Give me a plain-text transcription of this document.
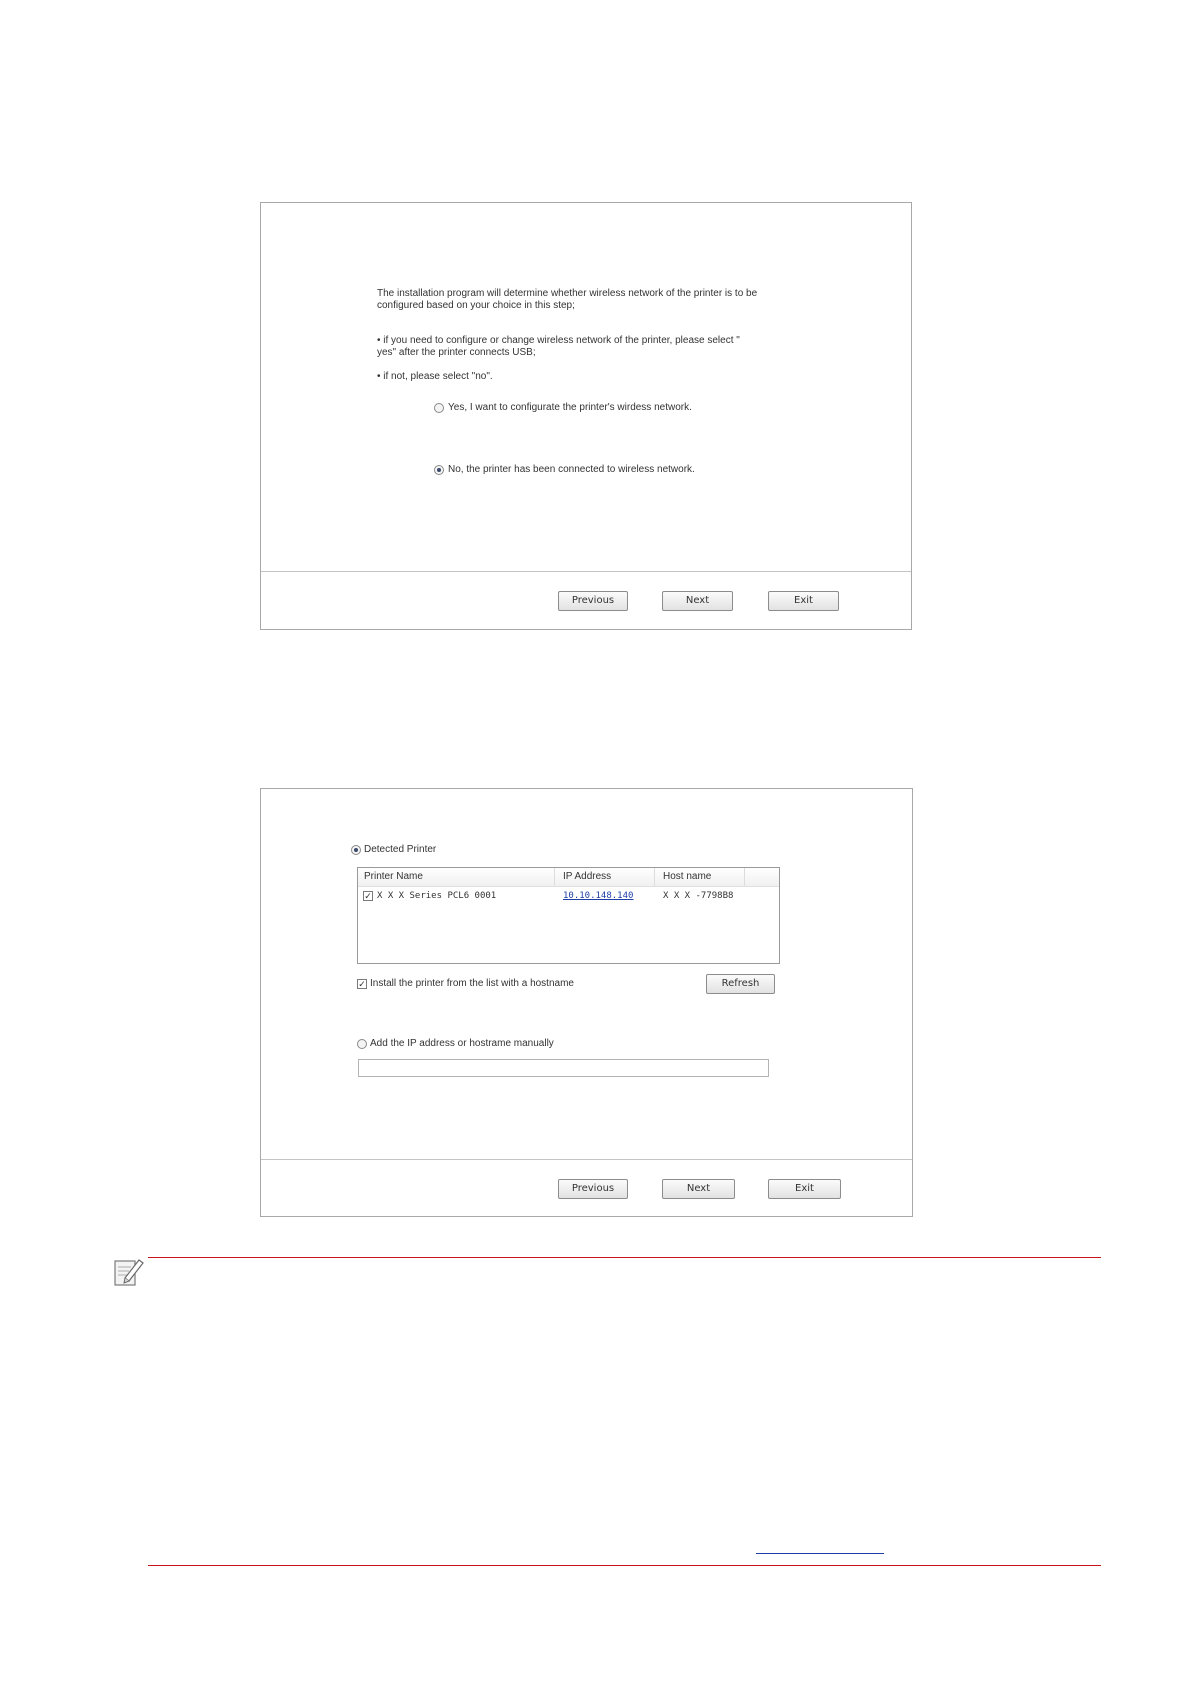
The installation program will determine whether wireless network of the printer is to be
configured based on your choice in this step;
• if you need to configure or change wireless network of the printer, please select "
yes" after the printer connects USB;
• if not, please select "no".
Yes, I want to configurate the printer's wirdess network.
No, the printer has been connected to wireless network.
Previous	Next	Exit
Detected Printer
Printer Name	IP Address	Host name
✓ X X X Series PCL6 0001	10.10.148.140	X X X -7798B8
✓ Install the printer from the list with a hostname	Refresh
Add the IP address or hostrame manually
Previous	Next	Exit
